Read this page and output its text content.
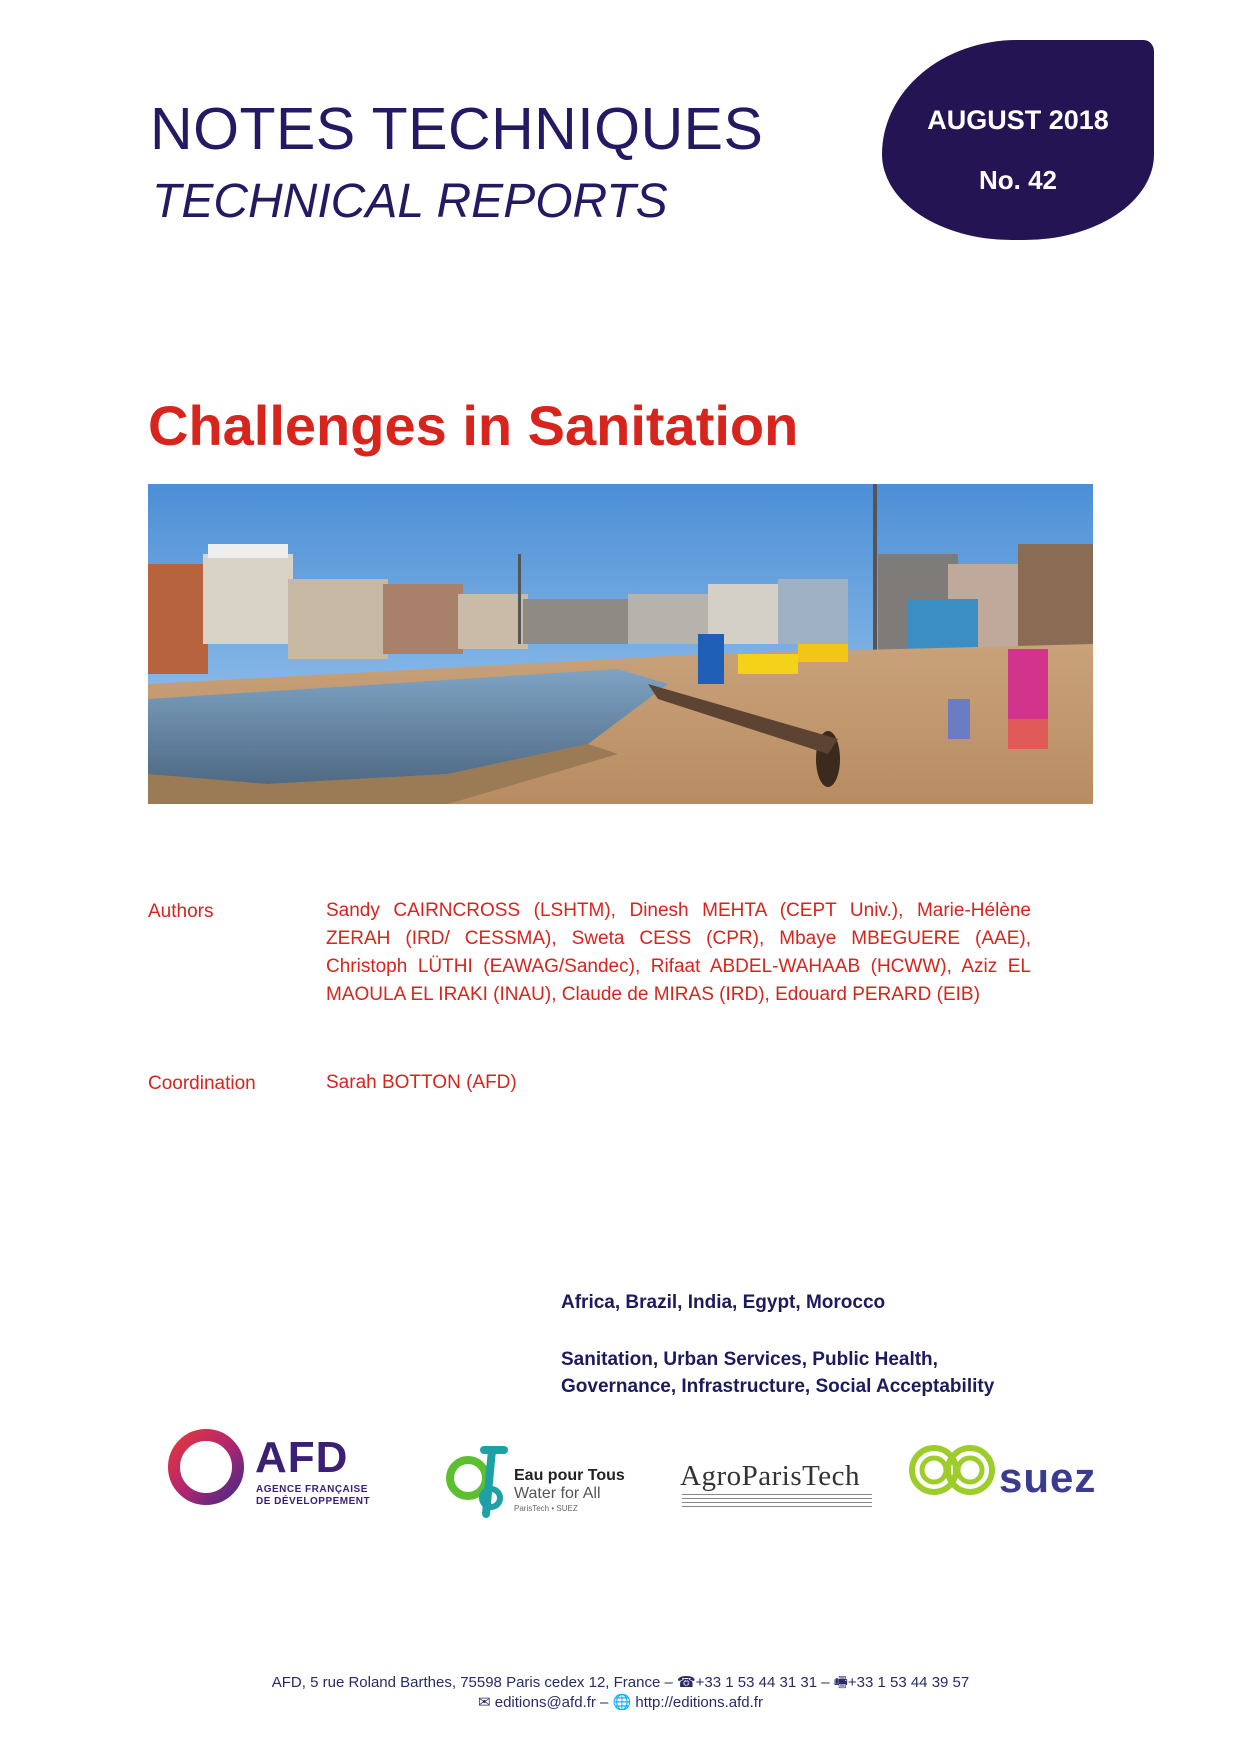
NOTES TECHNIQUES
TECHNICAL REPORTS
AUGUST 2018
No. 42
Challenges in Sanitation
Authors	Sandy CAIRNCROSS (LSHTM), Dinesh MEHTA (CEPT Univ.), Marie-Hélène ZERAH (IRD/ CESSMA), Sweta CESS (CPR), Mbaye MBEGUERE (AAE), Christoph LÜTHI (EAWAG/Sandec), Rifaat ABDEL-WAHAAB (HCWW), Aziz EL MAOULA EL IRAKI (INAU), Claude de MIRAS (IRD), Edouard PERARD (EIB)
Coordination	Sarah BOTTON (AFD)
Africa, Brazil, India, Egypt, Morocco
Sanitation, Urban Services, Public Health,
Governance, Infrastructure, Social Acceptability
AFD
AGENCE FRANÇAISE
DE DÉVELOPPEMENT
Eau pour Tous
Water for All
ParisTech • SUEZ
AgroParisTech	suez
AFD, 5 rue Roland Barthes, 75598 Paris cedex 12, France – ☎+33 1 53 44 31 31 – 🖷+33 1 53 44 39 57
✉ editions@afd.fr – 🌐 http://editions.afd.fr
